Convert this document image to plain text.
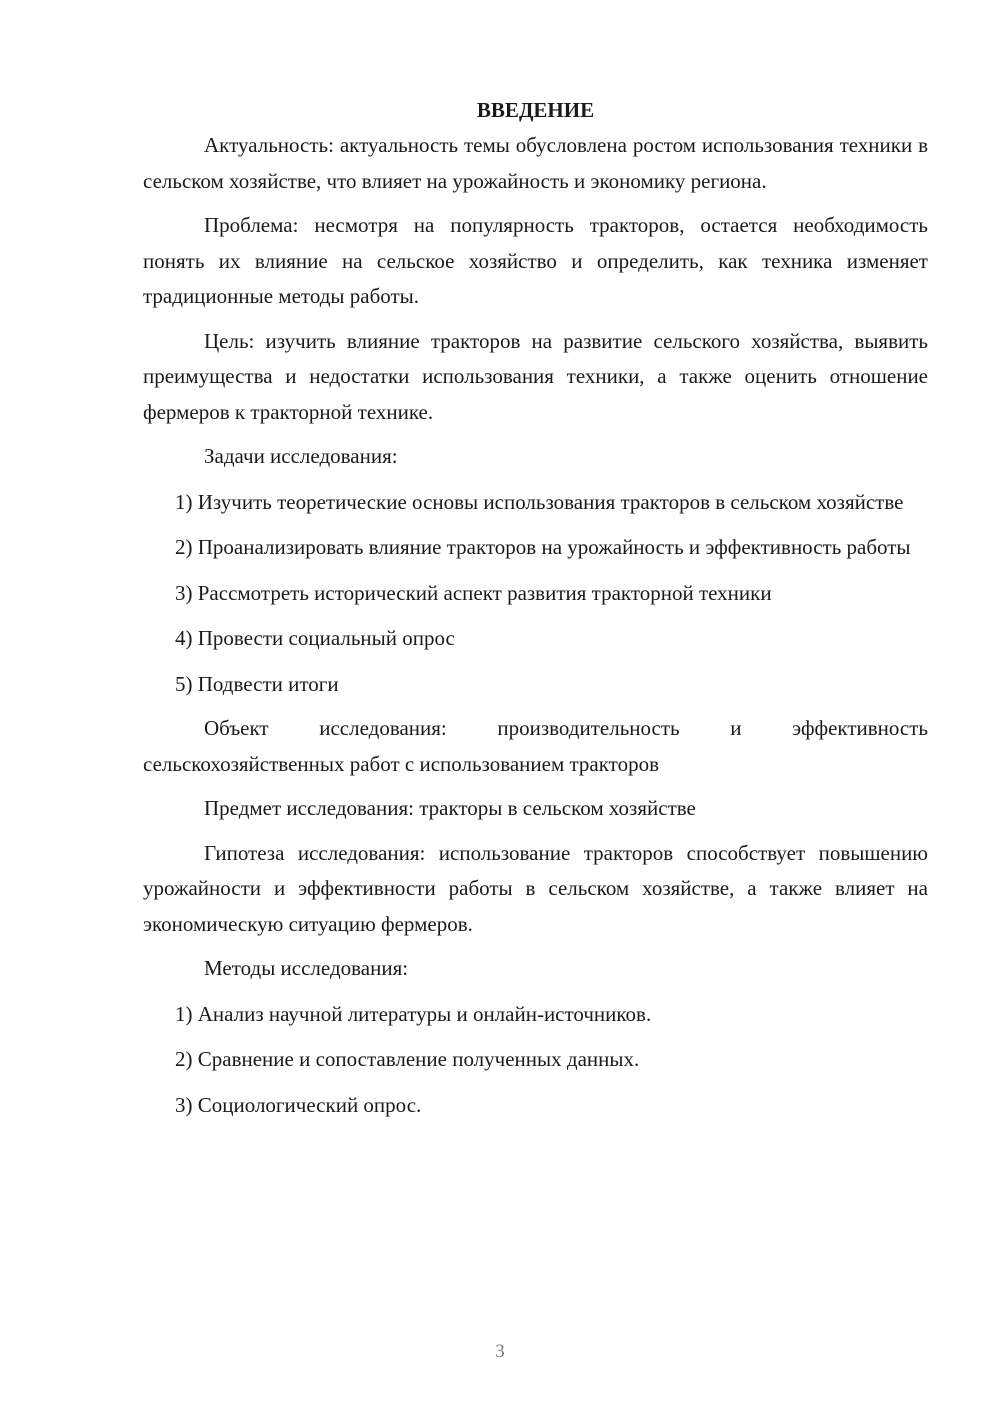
ВВЕДЕНИЕ

Актуальность: актуальность темы обусловлена ростом использования техники в сельском хозяйстве, что влияет на урожайность и экономику региона.

Проблема: несмотря на популярность тракторов, остается необходимость понять их влияние на сельское хозяйство и определить, как техника изменяет традиционные методы работы.

Цель: изучить влияние тракторов на развитие сельского хозяйства, выявить преимущества и недостатки использования техники, а также оценить отношение фермеров к тракторной технике.

Задачи исследования:

1) Изучить теоретические основы использования тракторов в сельском хозяйстве

2) Проанализировать влияние тракторов на урожайность и эффективность работы

3) Рассмотреть исторический аспект развития тракторной техники

4) Провести социальный опрос

5) Подвести итоги

Объект исследования: производительность и эффективность сельскохозяйственных работ с использованием тракторов

Предмет исследования: тракторы в сельском хозяйстве

Гипотеза исследования: использование тракторов способствует повышению урожайности и эффективности работы в сельском хозяйстве, а также влияет на экономическую ситуацию фермеров.

Методы исследования:

1) Анализ научной литературы и онлайн-источников.

2) Сравнение и сопоставление полученных данных.

3) Социологический опрос.

3
